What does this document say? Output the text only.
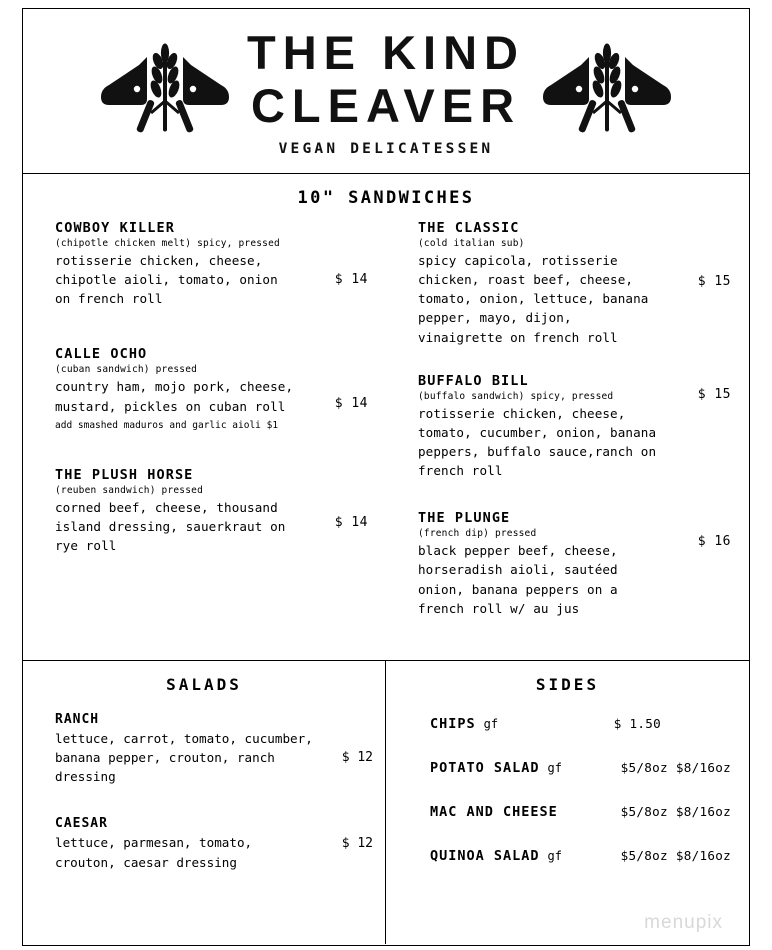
THE KIND
CLEAVER
VEGAN DELICATESSEN
10" SANDWICHES
COWBOY KILLER
(chipotle chicken melt) spicy, pressed
rotisserie chicken, cheese, chipotle aioli, tomato, onion on french roll
$ 14
CALLE OCHO
(cuban sandwich) pressed
country ham, mojo pork, cheese, mustard, pickles on cuban roll
add smashed maduros and garlic aioli $1
$ 14
THE PLUSH HORSE
(reuben sandwich) pressed
corned beef, cheese, thousand island dressing, sauerkraut on rye roll
$ 14
THE CLASSIC
(cold italian sub)
spicy capicola, rotisserie chicken, roast beef, cheese, tomato, onion, lettuce, banana pepper, mayo, dijon, vinaigrette on french roll
$ 15
BUFFALO BILL
(buffalo sandwich) spicy, pressed
rotisserie chicken, cheese, tomato, cucumber, onion, banana peppers, buffalo sauce,ranch on french roll
$ 15
THE PLUNGE
(french dip) pressed
black pepper beef, cheese, horseradish aioli, sautéed onion, banana peppers on a french roll w/ au jus
$ 16
SALADS
RANCH
lettuce, carrot, tomato, cucumber, banana pepper, crouton, ranch dressing
$ 12
CAESAR
lettuce, parmesan, tomato, crouton, caesar dressing
$ 12
SIDES
CHIPS gf	$ 1.50
POTATO SALAD gf	$5/8oz $8/16oz
MAC AND CHEESE	$5/8oz $8/16oz
QUINOA SALAD gf	$5/8oz $8/16oz
menupix
